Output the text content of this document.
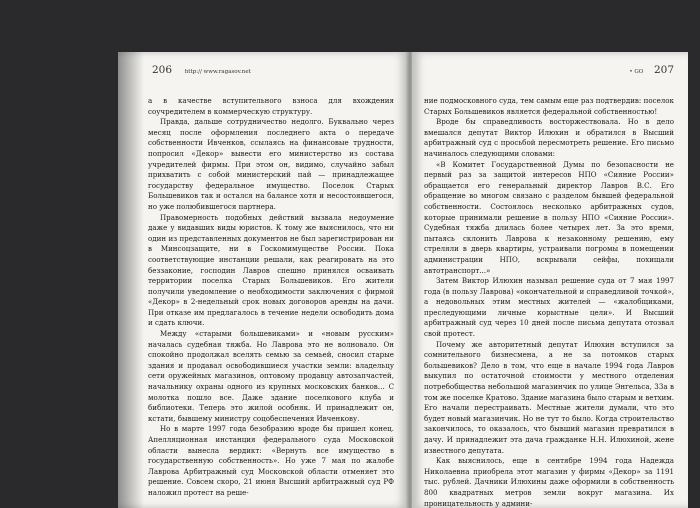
206 http:// www.ragasov.net

а в качестве вступительного взноса для вхождения соучредителем в коммерческую структуру.

Правда, дальше сотрудничество недолго. Буквально через месяц после оформления последнего акта о передаче собственности Ивченков, ссылаясь на финансовые трудности, попросил «Декор» вывести его министерство из состава учредителей фирмы. При этом он, видимо, случайно забыл прихватить с собой министерский пай — принадлежащее государству федеральное имущество. Поселок Старых Большевиков так и остался на балансе хотя и несостоявшегося, но уже полюбившегося партнера.

Правомерность подобных действий вызвала недоумение даже у видавших виды юристов. К тому же выяснилось, что ни один из представленных документов не был зарегистрирован ни в Минсоцзащите, ни в Госкомимуществе России. Пока соответствующие инстанции решали, как реагировать на это беззаконие, господин Лавров спешно принялся осваивать территории поселка Старых Большевиков. Его жители получили уведомление о необходимости заключения с фирмой «Декор» в 2-недельный срок новых договоров аренды на дачи. При отказе им предлагалось в течение недели освободить дома и сдать ключи.

Между «старыми большевиками» и «новым русским» началась судебная тяжба. Но Лаврова это не волновало. Он спокойно продолжал вселять семью за семьей, сносил старые здания и продавал освободившиеся участки земли: владельцу сети оружейных магазинов, оптовому продавцу автозапчастей, начальнику охраны одного из крупных московских банков… С молотка пошло все. Даже здание поселкового клуба и библиотеки. Теперь это жилой особняк. И принадлежит он, кстати, бывшему министру соцобеспечения Ивченкову.

Но в марте 1997 года безобразию вроде бы пришел конец. Апелляционная инстанция федерального суда Московской области вынесла вердикт: «Вернуть все имущество в государственную собственность». Но уже 7 мая по жалобе Лаврова Арбитражный суд Московской области отменяет это решение. Совсем скоро, 21 июня Высший арбитражный суд РФ наложил протест на реше-

• GO 207

ние подмосковного суда, тем самым еще раз подтвердив: поселок Старых Большевиков является федеральной собственностью!

Вроде бы справедливость восторжествовала. Но в дело вмешался депутат Виктор Илюхин и обратился в Высший арбитражный суд с просьбой пересмотреть решение. Его письмо начиналось следующими словами:

«В Комитет Государственной Думы по безопасности не первый раз за защитой интересов НПО «Сияние России» обращается его генеральный директор Лавров В.С. Его обращение во многом связано с разделом бывшей федеральной собственности. Состоялось несколько арбитражных судов, которые принимали решение в пользу НПО «Сияние России». Судебная тяжба длилась более четырех лет. За это время, пытаясь склонить Лаврова к незаконному решению, ему стреляли в дверь квартиры, устраивали погромы в помещении администрации НПО, вскрывали сейфы, похищали автотранспорт...»

Затем Виктор Илюхин называл решение суда от 7 мая 1997 года (в пользу Лаврова) «окончательной и справедливой точкой», а недовольных этим местных жителей — «жалобщиками, преследующими личные корыстные цели». И Высший арбитражный суд через 10 дней после письма депутата отозвал свой протест.

Почему же авторитетный депутат Илюхин вступился за сомнительного бизнесмена, а не за потомков старых большевиков? Дело в том, что еще в начале 1994 года Лавров выкупил по остаточной стоимости у местного отделения потребобщества небольшой магазинчик по улице Энгельса, 33а в том же поселке Кратово. Здание магазина было старым и ветхим. Его начали перестраивать. Местные жители думали, что это будет новый магазинчик. Но не тут то было. Когда строительство закончилось, то оказалось, что бывший магазин превратился в дачу. И принадлежит эта дача гражданке Н.Н. Илюхиной, жене известного депутата.

Как выяснилось, еще в сентябре 1994 года Надежда Николаевна приобрела этот магазин у фирмы «Декор» за 1191 тыс. рублей. Дачники Илюхины даже оформили в собственность 800 квадратных метров земли вокруг магазина. Их проницательность у админи-
